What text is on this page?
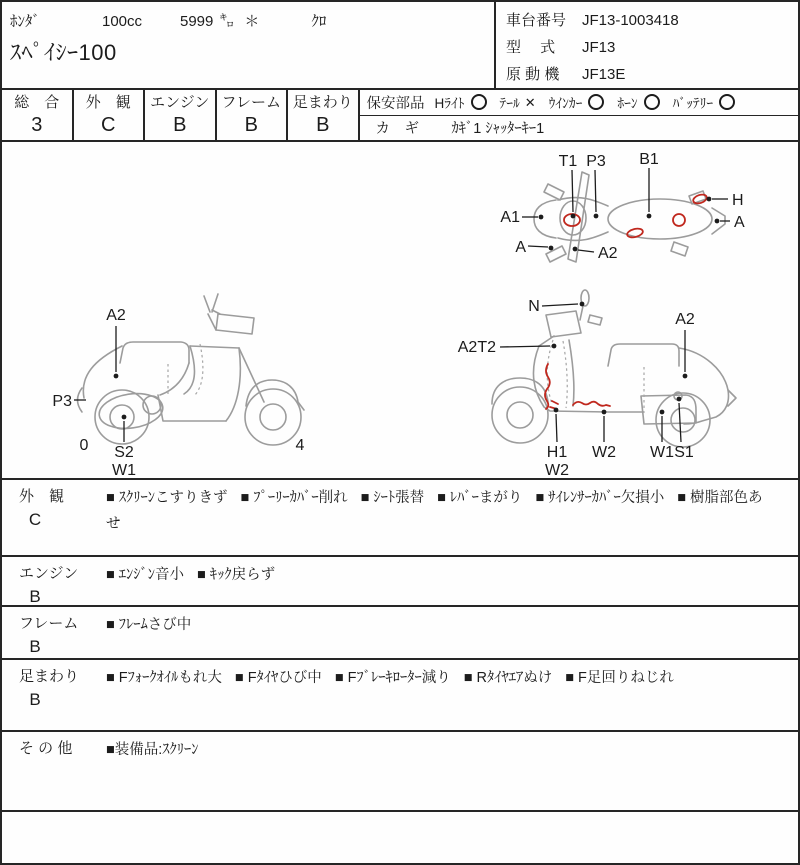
ﾎﾝﾀﾞ	100cc	5999 ㌔ ＊	ｸﾛ
ｽﾍﾟｲｼｰ100
車台番号 JF13-1003418
型　 式 JF13
原 動 機 JF13E
総　合
3
外　観
C
エンジン
B
フレーム
B
足まわり
B
保安部品 Hﾗｲﾄ	ﾃｰﾙ ✕ ｳｲﾝｶｰ	ﾎｰﾝ	ﾊﾞｯﾃﾘｰ
カ　ギ	ｶｷﾞ1 ｼｬｯﾀｰｷｰ1
T1 P3 B1
A1
A	A2
H
A
A2
P3
0 S2
W1
4
N
A2T2
A2
H1
W2
W2 W1 S1
外　観
C
■ ｽｸﾘｰﾝこすりきず ■ ﾌﾟｰﾘｰｶﾊﾞｰ削れ ■ ｼｰﾄ張替 ■ ﾚﾊﾞｰまがり ■ ｻｲﾚﾝｻｰｶﾊﾞｰ欠損小 ■ 樹脂部色あせ
エンジン
B
■ ｴﾝｼﾞﾝ音小 ■ ｷｯｸ戻らず
フレーム
B
■ ﾌﾚｰﾑさび中
足まわり
B
■ Fﾌｫｰｸｵｲﾙもれ大 ■ Fﾀｲﾔひび中 ■ Fﾌﾞﾚｰｷﾛｰﾀｰ減り ■ Rﾀｲﾔｴｱぬけ ■ F足回りねじれ
そ の 他	■装備品:ｽｸﾘｰﾝ
